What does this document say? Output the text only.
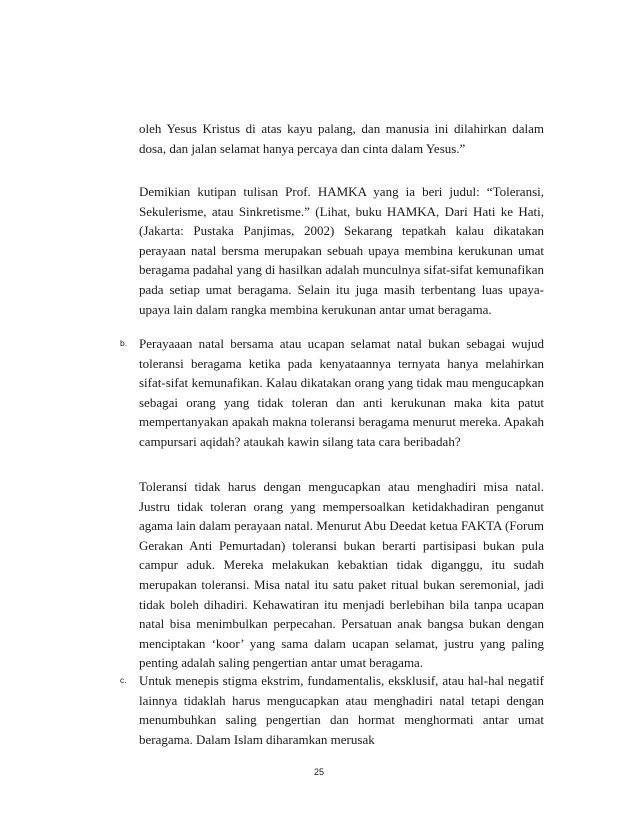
oleh Yesus Kristus di atas kayu palang, dan manusia ini dilahirkan dalam dosa, dan jalan selamat hanya percaya dan cinta dalam Yesus.”

Demikian kutipan tulisan Prof. HAMKA yang ia beri judul: “Toleransi, Sekulerisme, atau Sinkretisme.” (Lihat, buku HAMKA, Dari Hati ke Hati, (Jakarta: Pustaka Panjimas, 2002) Sekarang tepatkah kalau dikatakan perayaan natal bersma merupakan sebuah upaya membina kerukunan umat beragama padahal yang di hasilkan adalah munculnya sifat-sifat kemunafikan pada setiap umat beragama. Selain itu juga masih terbentang luas upaya-upaya lain dalam rangka membina kerukunan antar umat beragama.

b. Perayaaan natal bersama atau ucapan selamat natal bukan sebagai wujud toleransi beragama ketika pada kenyataannya ternyata hanya melahirkan sifat-sifat kemunafikan. Kalau dikatakan orang yang tidak mau mengucapkan sebagai orang yang tidak toleran dan anti kerukunan maka kita patut mempertanyakan apakah makna toleransi beragama menurut mereka. Apakah campursari aqidah? ataukah kawin silang tata cara beribadah?

Toleransi tidak harus dengan mengucapkan atau menghadiri misa natal. Justru tidak toleran orang yang mempersoalkan ketidakhadiran penganut agama lain dalam perayaan natal. Menurut Abu Deedat ketua FAKTA (Forum Gerakan Anti Pemurtadan) toleransi bukan berarti partisipasi bukan pula campur aduk. Mereka melakukan kebaktian tidak diganggu, itu sudah merupakan toleransi. Misa natal itu satu paket ritual bukan seremonial, jadi tidak boleh dihadiri. Kehawatiran itu menjadi berlebihan bila tanpa ucapan natal bisa menimbulkan perpecahan. Persatuan anak bangsa bukan dengan menciptakan ‘koor’ yang sama dalam ucapan selamat, justru yang paling penting adalah saling pengertian antar umat beragama.

c. Untuk menepis stigma ekstrim, fundamentalis, eksklusif, atau hal-hal negatif lainnya tidaklah harus mengucapkan atau menghadiri natal tetapi dengan menumbuhkan saling pengertian dan hormat menghormati antar umat beragama. Dalam Islam diharamkan merusak

25
